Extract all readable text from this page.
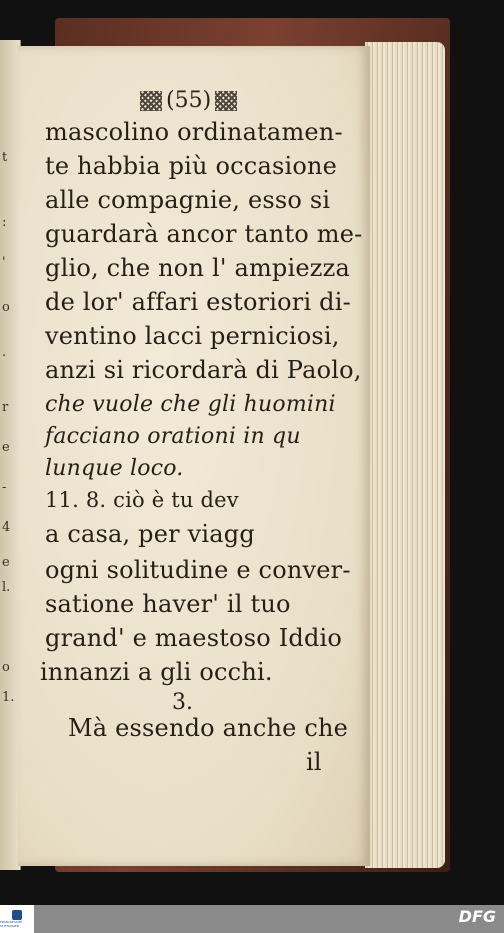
t
:
'
o
.
r
e
-
4
e
l.
o
1.
(55)
mascolino ordinatamen-
te habbia più occasione
alle compagnie, esso si
guardarà ancor tanto me-
glio, che non l' ampiezza
de lor' affari estoriori di-
ventino lacci perniciosi,
anzi si ricordarà di Paolo,
che vuole che gli huomini
facciano orationi in qu
lunque loco.
11. 8. ciò è tu dev
a casa, per viagg
ogni solitudine e conver-
satione haver' il tuo
grand' e maestoso Iddio
innanzi a gli occhi.
3.
Mà essendo anche che
il
FRANCKESCHE STIFTUNGEN	DFG
